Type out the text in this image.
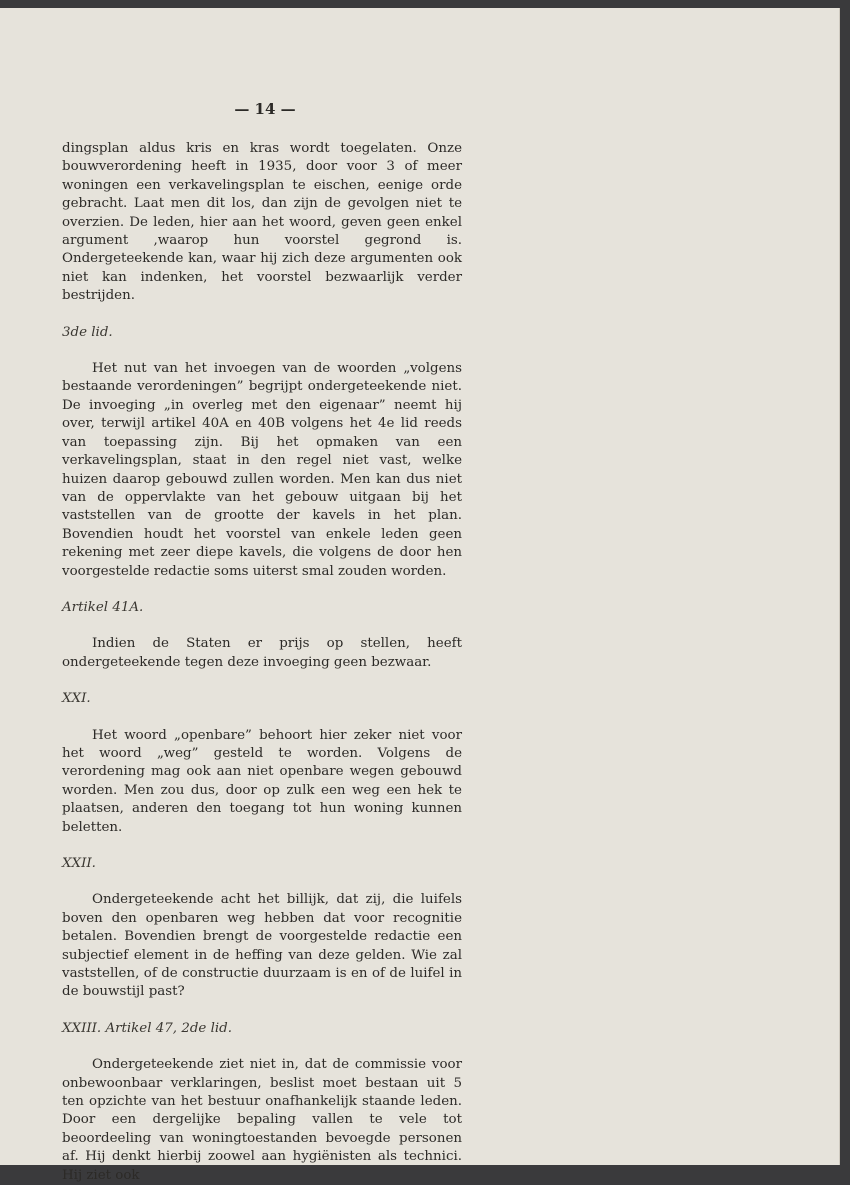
— 14 —

dingsplan aldus kris en kras wordt toegelaten. Onze bouwverordening heeft in 1935, door voor 3 of meer woningen een verkavelingsplan te eischen, eenige orde gebracht. Laat men dit los, dan zijn de gevolgen niet te overzien. De leden, hier aan het woord, geven geen enkel argument ,waarop hun voorstel gegrond is. Ondergeteekende kan, waar hij zich deze argumenten ook niet kan indenken, het voorstel bezwaarlijk verder bestrijden.

3de lid.

Het nut van het invoegen van de woorden „volgens bestaande verordeningen” begrijpt ondergeteekende niet. De invoeging „in overleg met den eigenaar” neemt hij over, terwijl artikel 40A en 40B volgens het 4e lid reeds van toepassing zijn. Bij het opmaken van een verkavelingsplan, staat in den regel niet vast, welke huizen daarop gebouwd zullen worden. Men kan dus niet van de oppervlakte van het gebouw uitgaan bij het vaststellen van de grootte der kavels in het plan. Bovendien houdt het voorstel van enkele leden geen rekening met zeer diepe kavels, die volgens de door hen voorgestelde redactie soms uiterst smal zouden worden.

Artikel 41A.

Indien de Staten er prijs op stellen, heeft ondergeteekende tegen deze invoeging geen bezwaar.

XXI.

Het woord „openbare” behoort hier zeker niet voor het woord „weg” gesteld te worden. Volgens de verordening mag ook aan niet openbare wegen gebouwd worden. Men zou dus, door op zulk een weg een hek te plaatsen, anderen den toegang tot hun woning kunnen beletten.

XXII.

Ondergeteekende acht het billijk, dat zij, die luifels boven den openbaren weg hebben dat voor recognitie betalen. Bovendien brengt de voorgestelde redactie een subjectief element in de heffing van deze gelden. Wie zal vaststellen, of de constructie duurzaam is en of de luifel in de bouwstijl past?

XXIII. Artikel 47, 2de lid.

Ondergeteekende ziet niet in, dat de commissie voor onbewoonbaar verklaringen, beslist moet bestaan uit 5 ten opzichte van het bestuur onafhankelijk staande leden. Door een dergelijke bepaling vallen te vele tot beoordeeling van woningtoestanden bevoegde personen af. Hij denkt hierbij zoowel aan hygiënisten als technici. Hij ziet ook
